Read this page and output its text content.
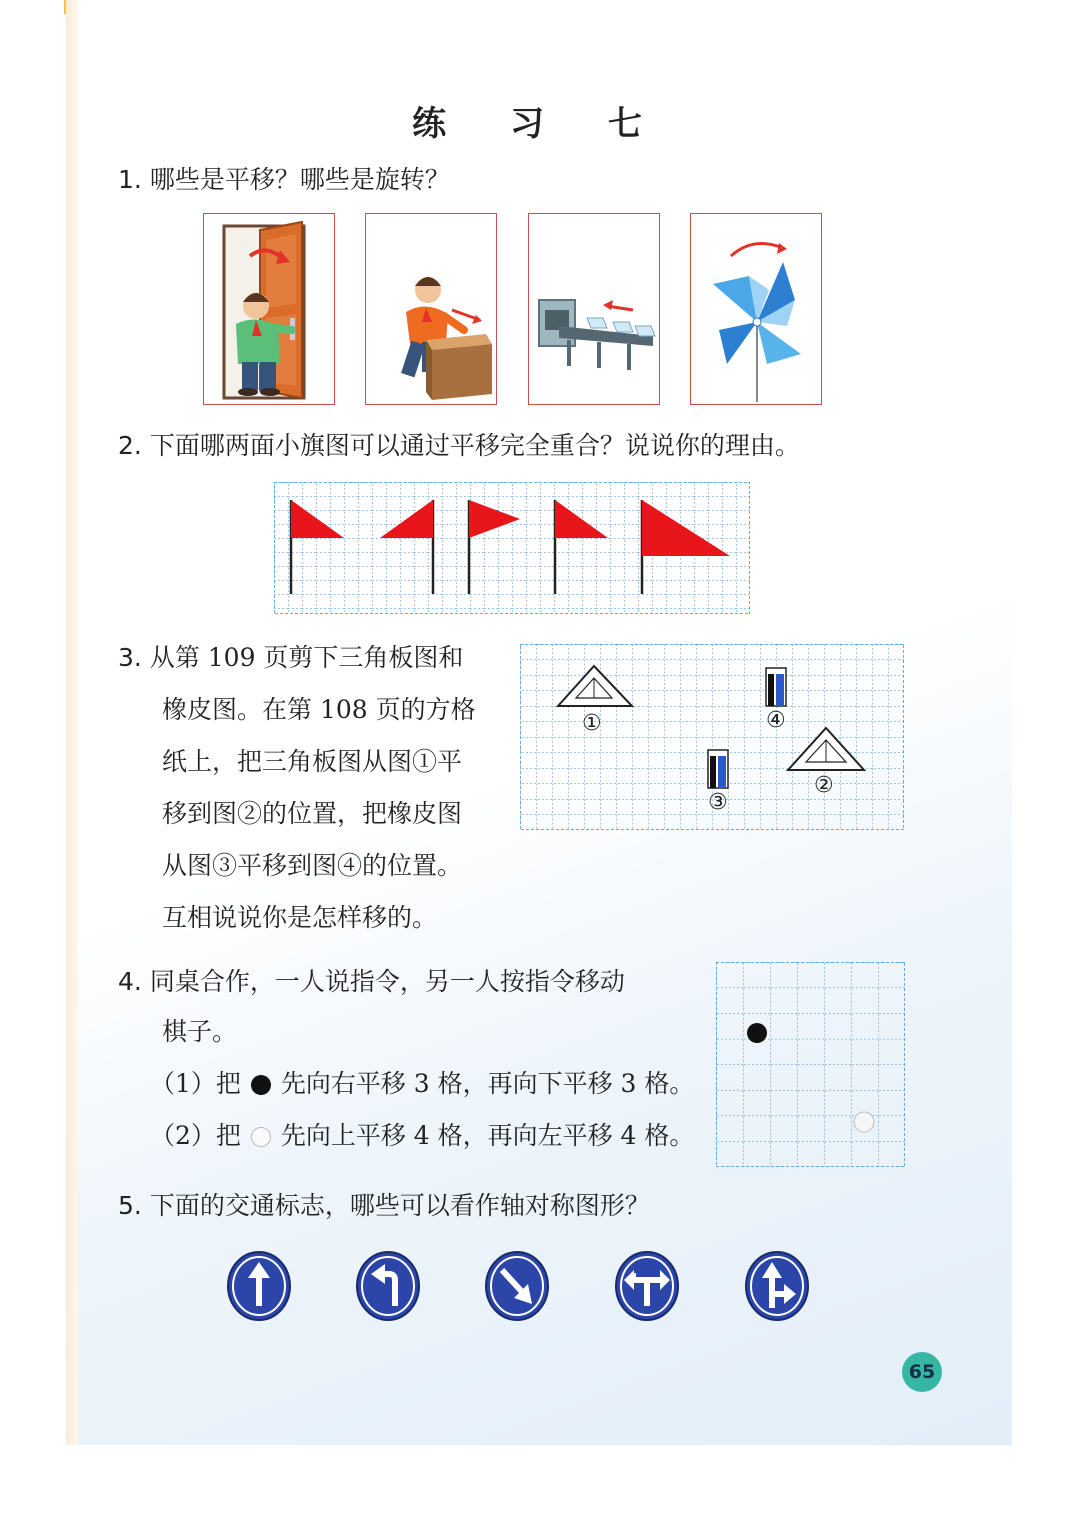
练 习 七
1. 哪些是平移？哪些是旋转？
2. 下面哪两面小旗图可以通过平移完全重合？说说你的理由。
3. 从第 109 页剪下三角板图和
橡皮图。在第 108 页的方格
纸上，把三角板图从图①平
移到图②的位置，把橡皮图
从图③平移到图④的位置。
互相说说你是怎样移的。
①
②
③
④
4. 同桌合作，一人说指令，另一人按指令移动
棋子。
（1）把 先向右平移 3 格，再向下平移 3 格。
（2）把 先向上平移 4 格，再向左平移 4 格。
5. 下面的交通标志，哪些可以看作轴对称图形？
65
